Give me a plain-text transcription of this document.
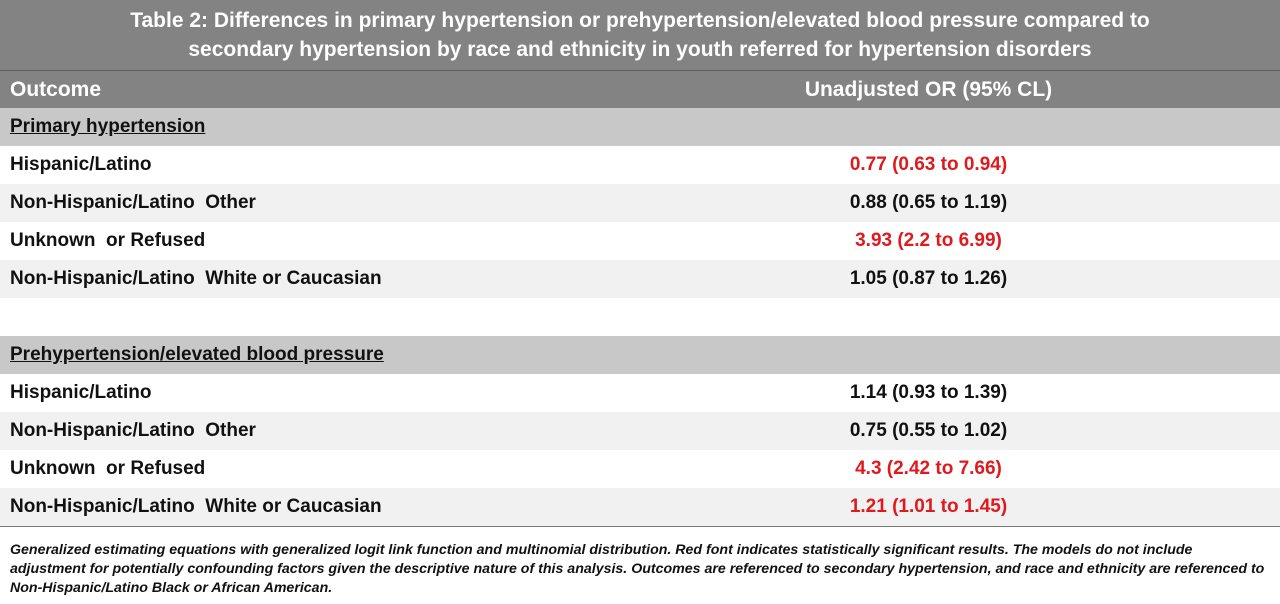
Table 2: Differences in primary hypertension or prehypertension/elevated blood pressure compared to
secondary hypertension by race and ethnicity in youth referred for hypertension disorders
Outcome	Unadjusted OR (95% CL)
Primary hypertension
Hispanic/Latino	0.77 (0.63 to 0.94)
Non-Hispanic/Latino  Other	0.88 (0.65 to 1.19)
Unknown  or Refused	3.93 (2.2 to 6.99)
Non-Hispanic/Latino  White or Caucasian	1.05 (0.87 to 1.26)
Prehypertension/elevated blood pressure
Hispanic/Latino	1.14 (0.93 to 1.39)
Non-Hispanic/Latino  Other	0.75 (0.55 to 1.02)
Unknown  or Refused	4.3 (2.42 to 7.66)
Non-Hispanic/Latino  White or Caucasian	1.21 (1.01 to 1.45)
Generalized estimating equations with generalized logit link function and multinomial distribution. Red font indicates statistically significant results. The models do not include adjustment for potentially confounding factors given the descriptive nature of this analysis. Outcomes are referenced to secondary hypertension, and race and ethnicity are referenced to Non-Hispanic/Latino Black or African American.
